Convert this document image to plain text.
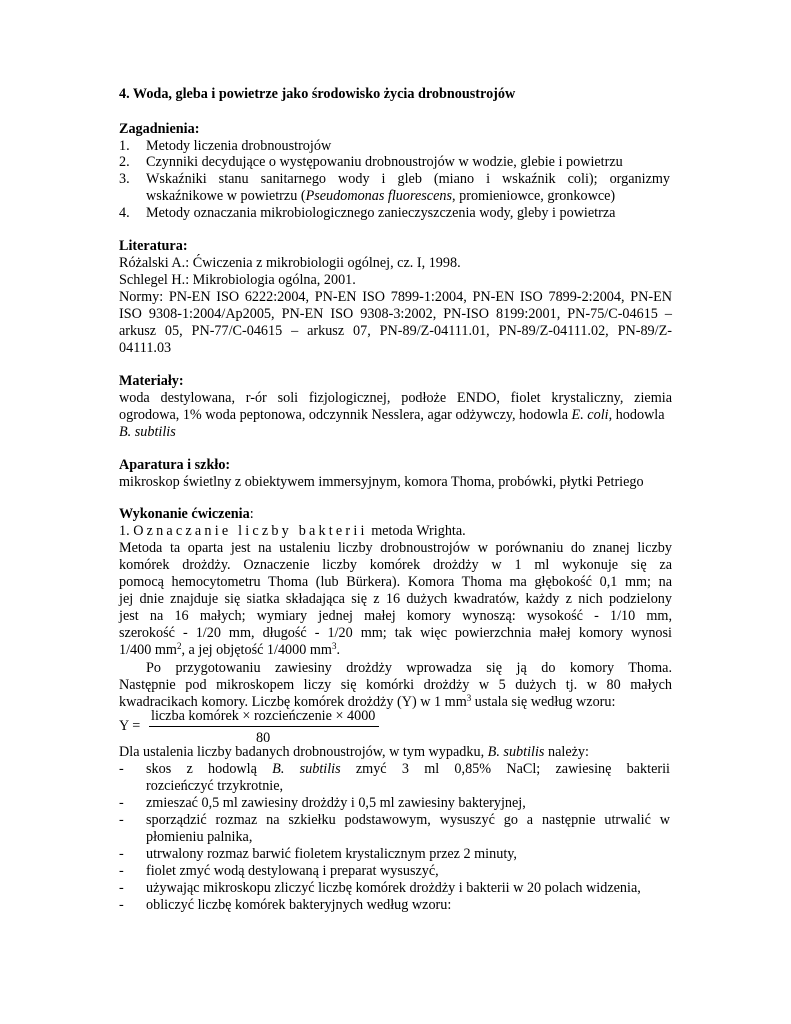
4. Woda, gleba i powietrze jako środowisko życia drobnoustrojów
Zagadnienia:
1. Metody liczenia drobnoustrojów
2. Czynniki decydujące o występowaniu drobnoustrojów w wodzie, glebie i powietrzu
3. Wskaźniki stanu sanitarnego wody i gleb (miano i wskaźnik coli); organizmy
wskaźnikowe w powietrzu (Pseudomonas fluorescens, promieniowce, gronkowce)
4. Metody oznaczania mikrobiologicznego zanieczyszczenia wody, gleby i powietrza
Literatura:
Różalski A.: Ćwiczenia z mikrobiologii ogólnej, cz. I, 1998.
Schlegel H.: Mikrobiologia ogólna, 2001.
Normy: PN-EN ISO 6222:2004, PN-EN ISO 7899-1:2004, PN-EN ISO 7899-2:2004, PN-EN
ISO 9308-1:2004/Ap2005, PN-EN ISO 9308-3:2002, PN-ISO 8199:2001, PN-75/C-04615 –
arkusz 05, PN-77/C-04615 – arkusz 07, PN-89/Z-04111.01, PN-89/Z-04111.02, PN-89/Z-
04111.03
Materiały:
woda destylowana, r-ór soli fizjologicznej, podłoże ENDO, fiolet krystaliczny, ziemia
ogrodowa, 1% woda peptonowa, odczynnik Nesslera, agar odżywczy, hodowla E. coli, hodowla
B. subtilis
Aparatura i szkło:
mikroskop świetlny z obiektywem immersyjnym, komora Thoma, probówki, płytki Petriego
Wykonanie ćwiczenia:
1. Oznaczanie liczby bakterii metoda Wrighta.
Metoda ta oparta jest na ustaleniu liczby drobnoustrojów w porównaniu do znanej liczby
komórek drożdży. Oznaczenie liczby komórek drożdży w 1 ml wykonuje się za
pomocą hemocytometru Thoma (lub Bürkera). Komora Thoma ma głębokość 0,1 mm; na
jej dnie znajduje się siatka składająca się z 16 dużych kwadratów, każdy z nich podzielony
jest na 16 małych; wymiary jednej małej komory wynoszą: wysokość - 1/10 mm,
szerokość - 1/20 mm, długość - 1/20 mm; tak więc powierzchnia małej komory wynosi
1/400 $mm^2$, a jej objętość 1/4000 $mm^3$.
Po przygotowaniu zawiesiny drożdży wprowadza się ją do komory Thoma.
Następnie pod mikroskopem liczy się komórki drożdży w 5 dużych tj. w 80 małych
kwadracikach komory. Liczbę komórek drożdży (Y) w 1 $mm^3$ ustala się według wzoru:
Y =
liczba komórek × rozcieńczenie × 4000
80
Dla ustalenia liczby badanych drobnoustrojów, w tym wypadku, B. subtilis należy:
- skos z hodowlą B. subtilis zmyć 3 ml 0,85% NaCl; zawiesinę bakterii
rozcieńczyć trzykrotnie,
- zmieszać 0,5 ml zawiesiny drożdży i 0,5 ml zawiesiny bakteryjnej,
- sporządzić rozmaz na szkiełku podstawowym, wysuszyć go a następnie utrwalić w
płomieniu palnika,
- utrwalony rozmaz barwić fioletem krystalicznym przez 2 minuty,
- fiolet zmyć wodą destylowaną i preparat wysuszyć,
- używając mikroskopu zliczyć liczbę komórek drożdży i bakterii w 20 polach widzenia,
- obliczyć liczbę komórek bakteryjnych według wzoru:
